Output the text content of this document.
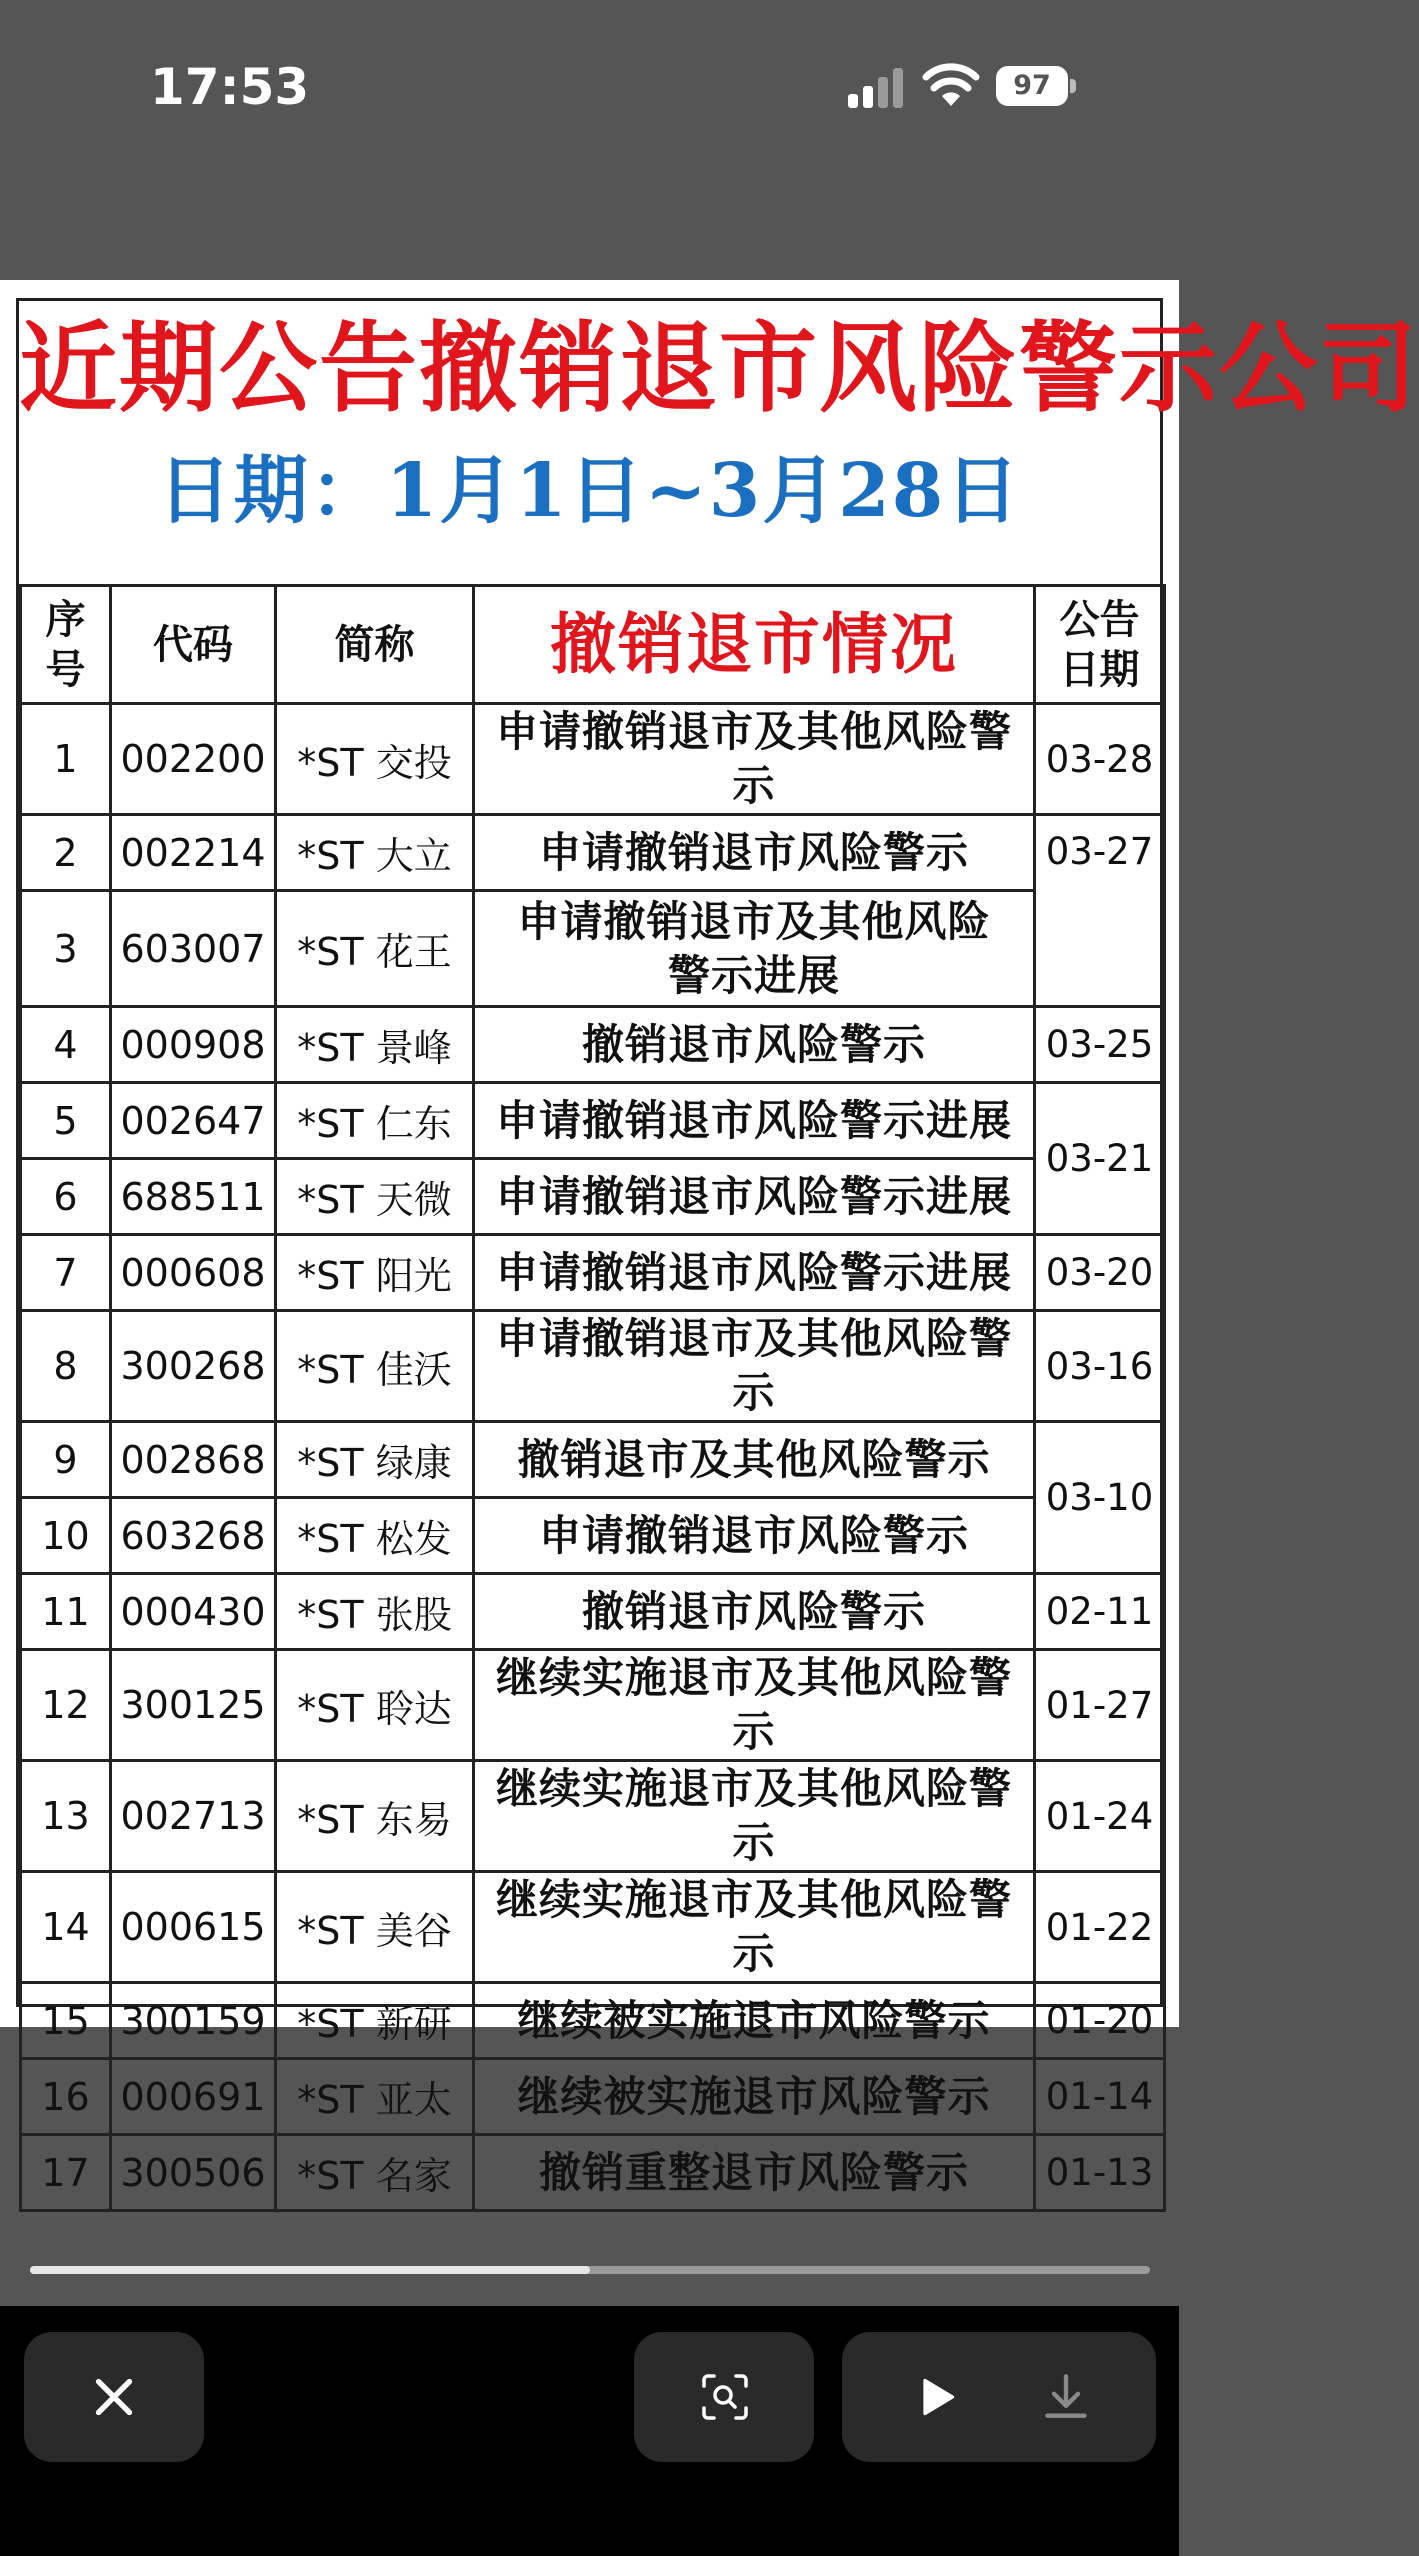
17:53	97
近期公告撤销退市风险警示公司
日期：1月1日~3月28日
序号	代码	简称	撤销退市情况	公告日期
1	002200	*ST 交投	申请撤销退市及其他风险警示	03-28
2	002214	*ST 大立	申请撤销退市风险警示	03-27
3	603007	*ST 花王	申请撤销退市及其他风险警示进展	
4	000908	*ST 景峰	撤销退市风险警示	03-25
5	002647	*ST 仁东	申请撤销退市风险警示进展	03-21
6	688511	*ST 天微	申请撤销退市风险警示进展	
7	000608	*ST 阳光	申请撤销退市风险警示进展	03-20
8	300268	*ST 佳沃	申请撤销退市及其他风险警示	03-16
9	002868	*ST 绿康	撤销退市及其他风险警示	03-10
10	603268	*ST 松发	申请撤销退市风险警示	
11	000430	*ST 张股	撤销退市风险警示	02-11
12	300125	*ST 聆达	继续实施退市及其他风险警示	01-27
13	002713	*ST 东易	继续实施退市及其他风险警示	01-24
14	000615	*ST 美谷	继续实施退市及其他风险警示	01-22
15	300159	*ST 新研	继续被实施退市风险警示	01-20
16	000691	*ST 亚太	继续被实施退市风险警示	01-14
17	300506	*ST 名家	撤销重整退市风险警示	01-13
